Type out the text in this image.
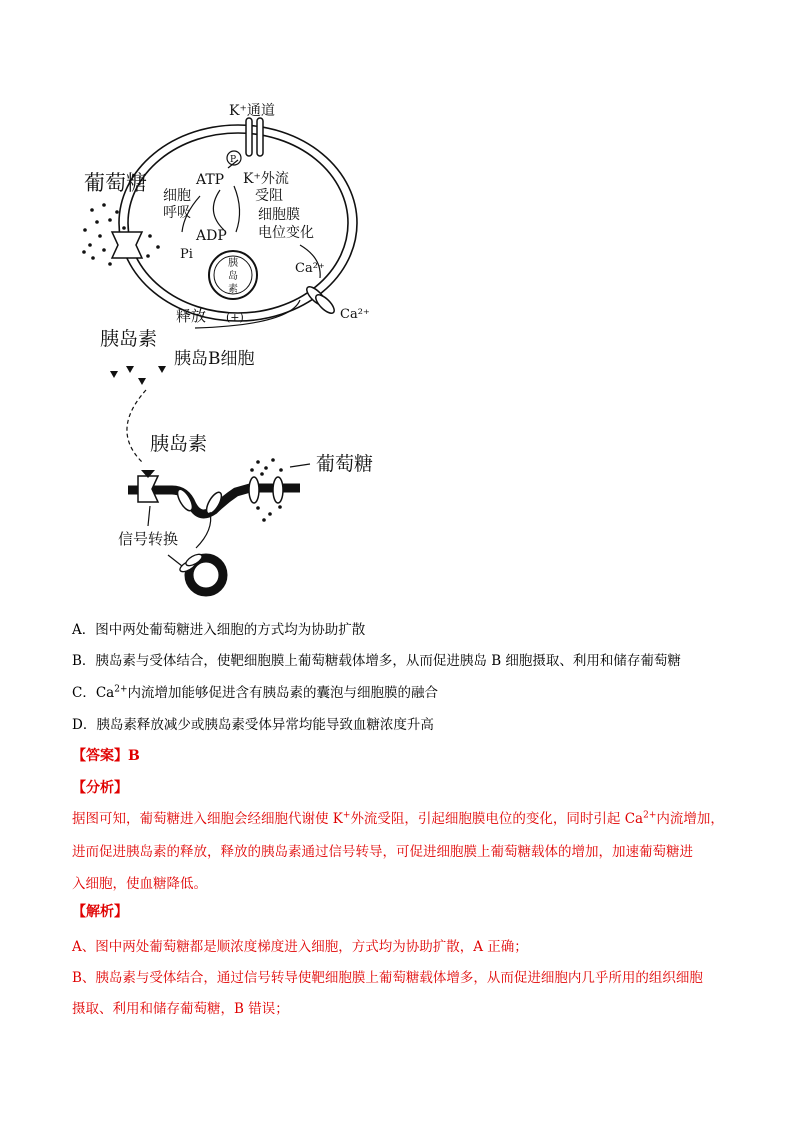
K⁺通道
P
葡萄糖	ATP
ADP
Pi
细胞
呼吸
K⁺外流
受阻
细胞膜
电位变化
胰
岛
素
Ca²⁺
Ca²⁺
释放 (+)
胰岛素
胰岛B细胞
胰岛素
葡萄糖
信号转换
A．图中两处葡萄糖进入细胞的方式均为协助扩散
B．胰岛素与受体结合，使靶细胞膜上葡萄糖载体增多，从而促进胰岛 B 细胞摄取、利用和储存葡萄糖
C．$Ca^{2+}$内流增加能够促进含有胰岛素的囊泡与细胞膜的融合
D．胰岛素释放减少或胰岛素受体异常均能导致血糖浓度升高
【答案】B
【分析】
据图可知，葡萄糖进入细胞会经细胞代谢使 K+外流受阻，引起细胞膜电位的变化，同时引起 $Ca^{2+}$内流增加，
进而促进胰岛素的释放，释放的胰岛素通过信号转导，可促进细胞膜上葡萄糖载体的增加，加速葡萄糖进
入细胞，使血糖降低。
【解析】
A、图中两处葡萄糖都是顺浓度梯度进入细胞，方式均为协助扩散，A 正确；
B、胰岛素与受体结合，通过信号转导使靶细胞膜上葡萄糖载体增多，从而促进细胞内几乎所用的组织细胞
摄取、利用和储存葡萄糖，B 错误；
